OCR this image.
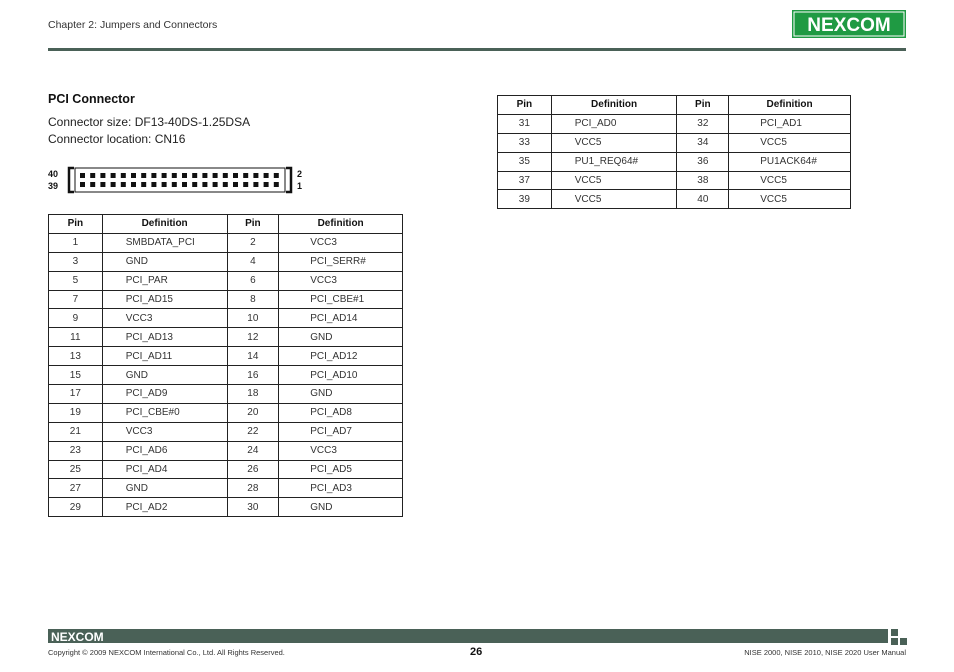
Chapter 2: Jumpers and Connectors	NEXCOM
PCI Connector
Connector size: DF13-40DS-1.25DSA
Connector location: CN16
40
39
2
1
Pin	Definition	Pin	Definition
1	SMBDATA_PCI	2	VCC3
3	GND	4	PCI_SERR#
5	PCI_PAR	6	VCC3
7	PCI_AD15	8	PCI_CBE#1
9	VCC3	10	PCI_AD14
11	PCI_AD13	12	GND
13	PCI_AD11	14	PCI_AD12
15	GND	16	PCI_AD10
17	PCI_AD9	18	GND
19	PCI_CBE#0	20	PCI_AD8
21	VCC3	22	PCI_AD7
23	PCI_AD6	24	VCC3
25	PCI_AD4	26	PCI_AD5
27	GND	28	PCI_AD3
29	PCI_AD2	30	GND
Pin	Definition	Pin	Definition
31	PCI_AD0	32	PCI_AD1
33	VCC5	34	VCC5
35	PU1_REQ64#	36	PU1ACK64#
37	VCC5	38	VCC5
39	VCC5	40	VCC5
NEXCOM
Copyright © 2009 NEXCOM International Co., Ltd. All Rights Reserved.	26	NISE 2000, NISE 2010, NISE 2020 User Manual
